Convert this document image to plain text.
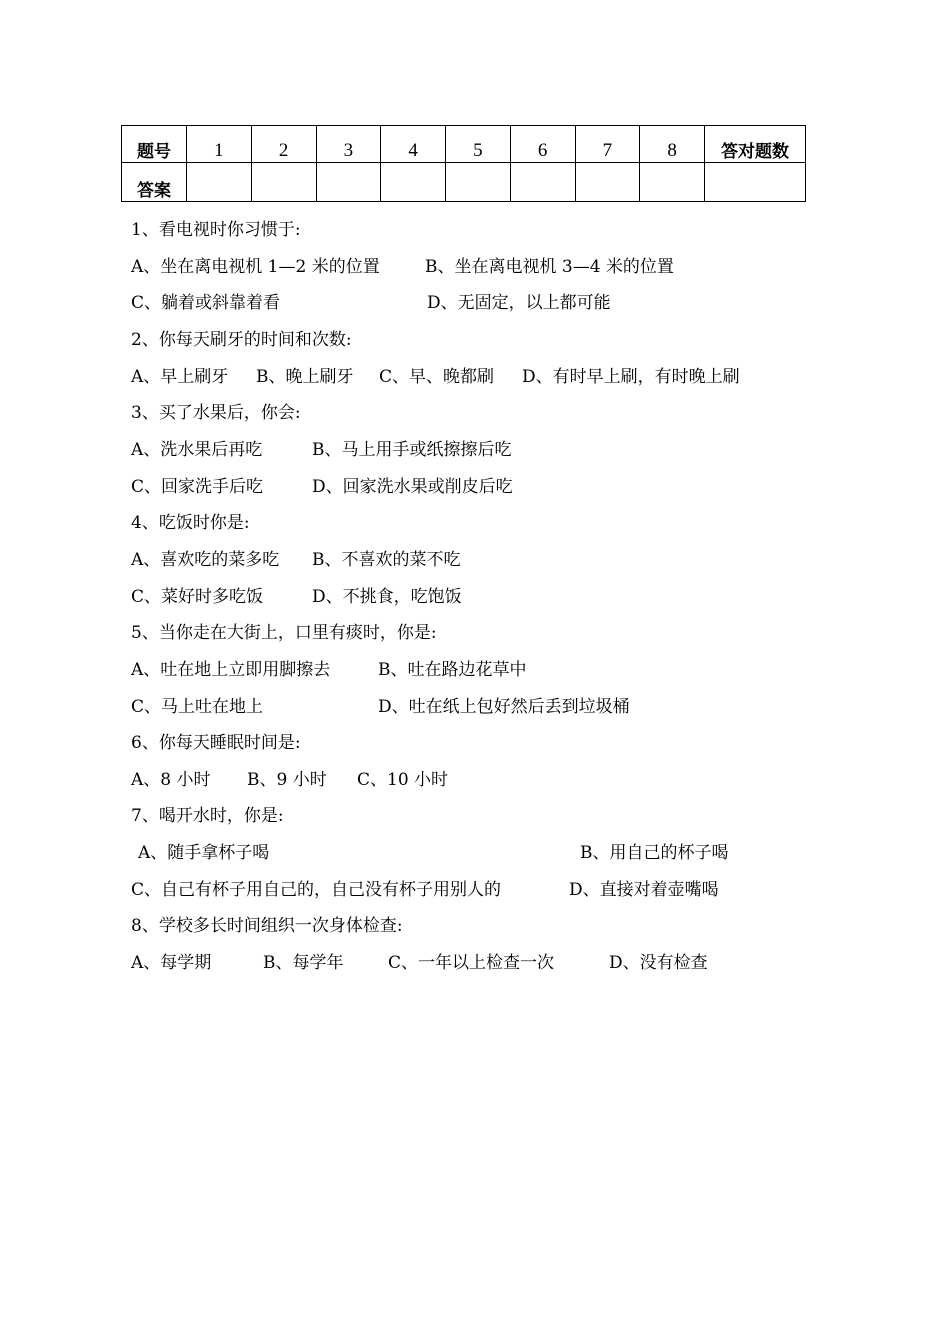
题号	1	2	3	4	5	6	7	8	答对题数
答案									
1、看电视时你习惯于:
A、坐在离电视机 1—2 米的位置	B、坐在离电视机 3—4 米的位置
C、躺着或斜靠着看	D、无固定，以上都可能
2、你每天刷牙的时间和次数:
A、早上刷牙 B、晚上刷牙 C、早、晚都刷 D、有时早上刷，有时晚上刷
3、买了水果后，你会:
A、洗水果后再吃	B、马上用手或纸擦擦后吃
C、回家洗手后吃	D、回家洗水果或削皮后吃
4、吃饭时你是:
A、喜欢吃的菜多吃 B、不喜欢的菜不吃
C、菜好时多吃饭	D、不挑食，吃饱饭
5、当你走在大街上，口里有痰时，你是:
A、吐在地上立即用脚擦去	B、吐在路边花草中
C、马上吐在地上	D、吐在纸上包好然后丢到垃圾桶
6、你每天睡眠时间是:
A、8 小时 B、9 小时 C、10 小时
7、喝开水时，你是:
A、随手拿杯子喝	B、用自己的杯子喝
C、自己有杯子用自己的，自己没有杯子用别人的	D、直接对着壶嘴喝
8、学校多长时间组织一次身体检查:
A、每学期	B、每学年	C、一年以上检查一次	D、没有检查
